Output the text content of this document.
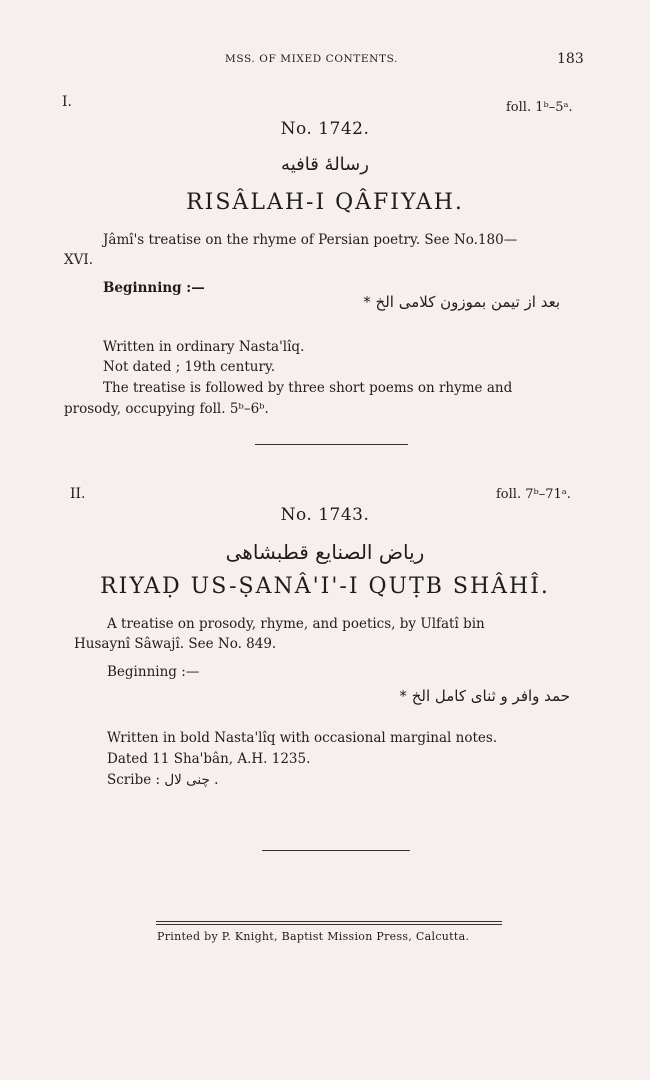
MSS. OF MIXED CONTENTS.	183
I.	foll. 1ᵇ–5ᵃ.
No. 1742.
رسالهٔ قافیه
RISÂLAH-I QÂFIYAH.
Jâmî's treatise on the rhyme of Persian poetry. See No.180—
XVI.
Beginning :—
بعد از تیمن بموزون کلامی الخ *
Written in ordinary Nasta'lîq.
Not dated ; 19th century.
The treatise is followed by three short poems on rhyme and
prosody, occupying foll. 5ᵇ–6ᵇ.
II.	foll. 7ᵇ–71ᵃ.
No. 1743.
ریاض الصنایع قطبشاهی
RIYAḌ US-ṢANÂ'I'-I QUṬB SHÂHÎ.
A treatise on prosody, rhyme, and poetics, by Ulfatî bin
Husaynî Sâwajî. See No. 849.
Beginning :—
حمد وافر و ثنای کامل الخ *
Written in bold Nasta'lîq with occasional marginal notes.
Dated 11 Sha'bân, A.H. 1235.
Scribe : چنی لال .
Printed by P. Knight, Baptist Mission Press, Calcutta.
